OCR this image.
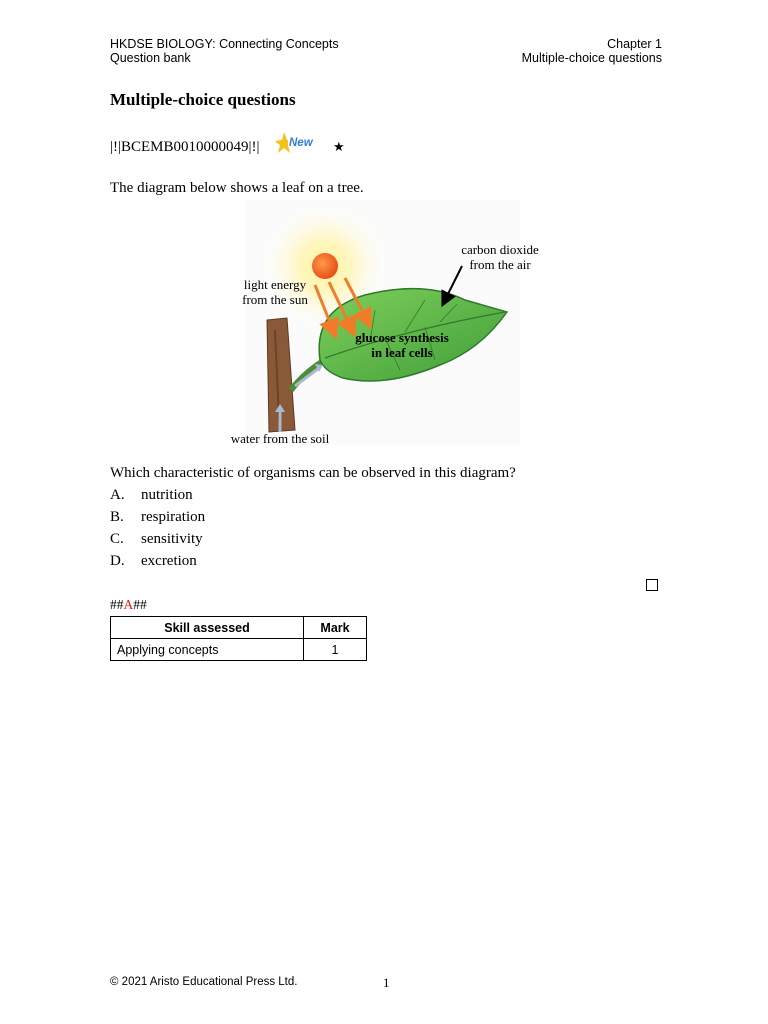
HKDSE BIOLOGY: Connecting Concepts
Question bank
Chapter 1
Multiple-choice questions
Multiple-choice questions
|!|BCEMB0010000049|!|	New ★
The diagram below shows a leaf on a tree.
carbon dioxide
from the air
light energy
from the sun
glucose synthesis
in leaf cells
water from the soil
Which characteristic of organisms can be observed in this diagram?
A.	nutrition
B.	respiration
C.	sensitivity
D.	excretion
##A##
Skill assessed	Mark
Applying concepts	1
© 2021 Aristo Educational Press Ltd.	1
